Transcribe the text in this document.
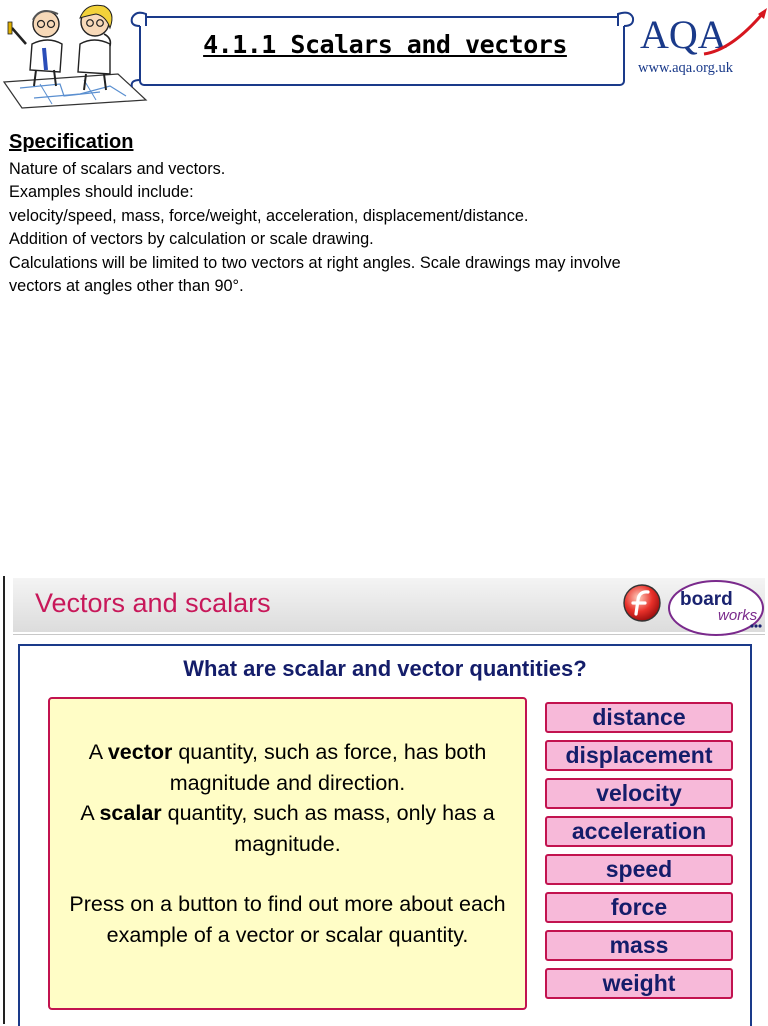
4.1.1 Scalars and vectors	AQA
www.aqa.org.uk
Specification
Nature of scalars and vectors.
Examples should include:
velocity/speed, mass, force/weight, acceleration, displacement/distance.
Addition of vectors by calculation or scale drawing.
Calculations will be limited to two vectors at right angles. Scale drawings may involve
vectors at angles other than 90°.
Vectors and scalars	board
works
What are scalar and vector quantities?
A vector quantity, such as force, has both magnitude and direction.
A scalar quantity, such as mass, only has a magnitude.
Press on a button to find out more about each example of a vector or scalar quantity.
distance
displacement
velocity
acceleration
speed
force
mass
weight
